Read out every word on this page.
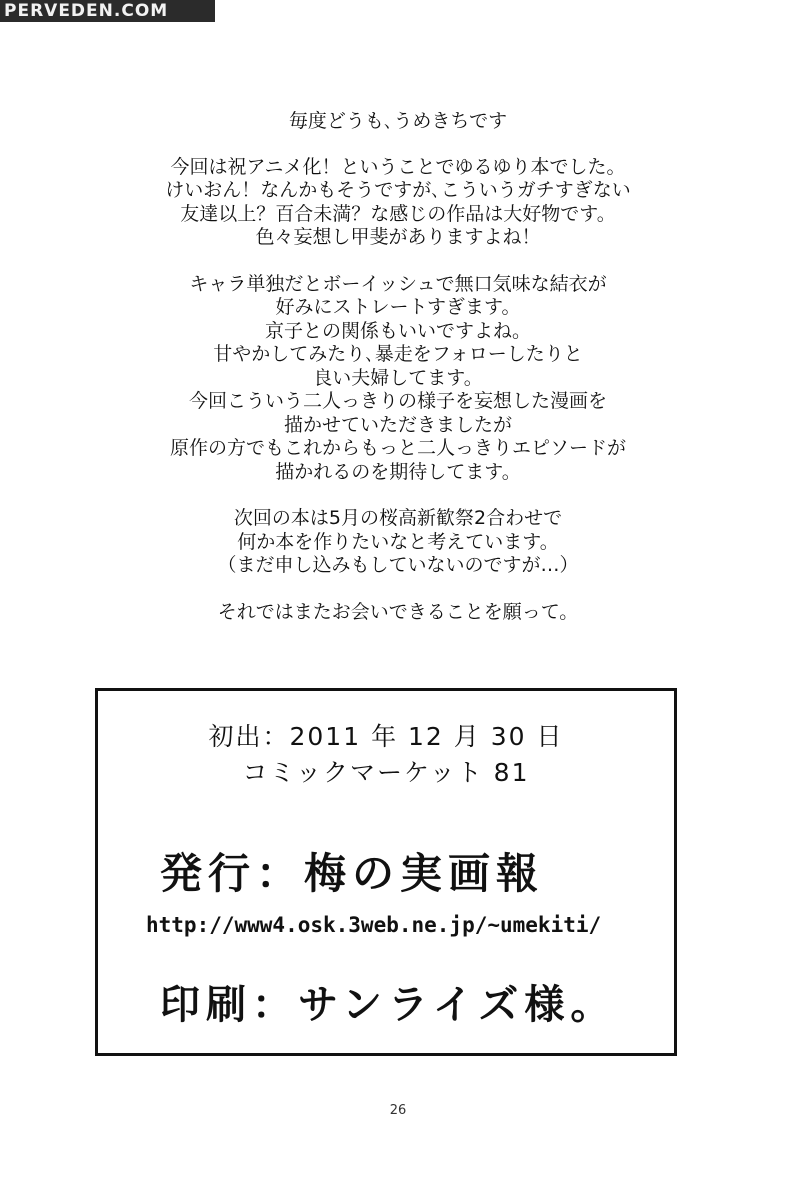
PERVEDEN.COM

毎度どうも､うめきちです

今回は祝アニメ化！ということでゆるゆり本でした。
けいおん！なんかもそうですが､こういうガチすぎない
友達以上？百合未満？な感じの作品は大好物です。
色々妄想し甲斐がありますよね！

キャラ単独だとボーイッシュで無口気味な結衣が
好みにストレートすぎます。
京子との関係もいいですよね。
甘やかしてみたり､暴走をフォローしたりと
良い夫婦してます。
今回こういう二人っきりの様子を妄想した漫画を
描かせていただきましたが
原作の方でもこれからもっと二人っきりエピソードが
描かれるのを期待してます。

次回の本は5月の桜高新歓祭2合わせで
何か本を作りたいなと考えています。
（まだ申し込みもしていないのですが…）

それではまたお会いできることを願って。

初出：2011 年 12 月 30 日
コミックマーケット 81
発行：梅の実画報
http://www4.osk.3web.ne.jp/~umekiti/
印刷：サンライズ様。
26
